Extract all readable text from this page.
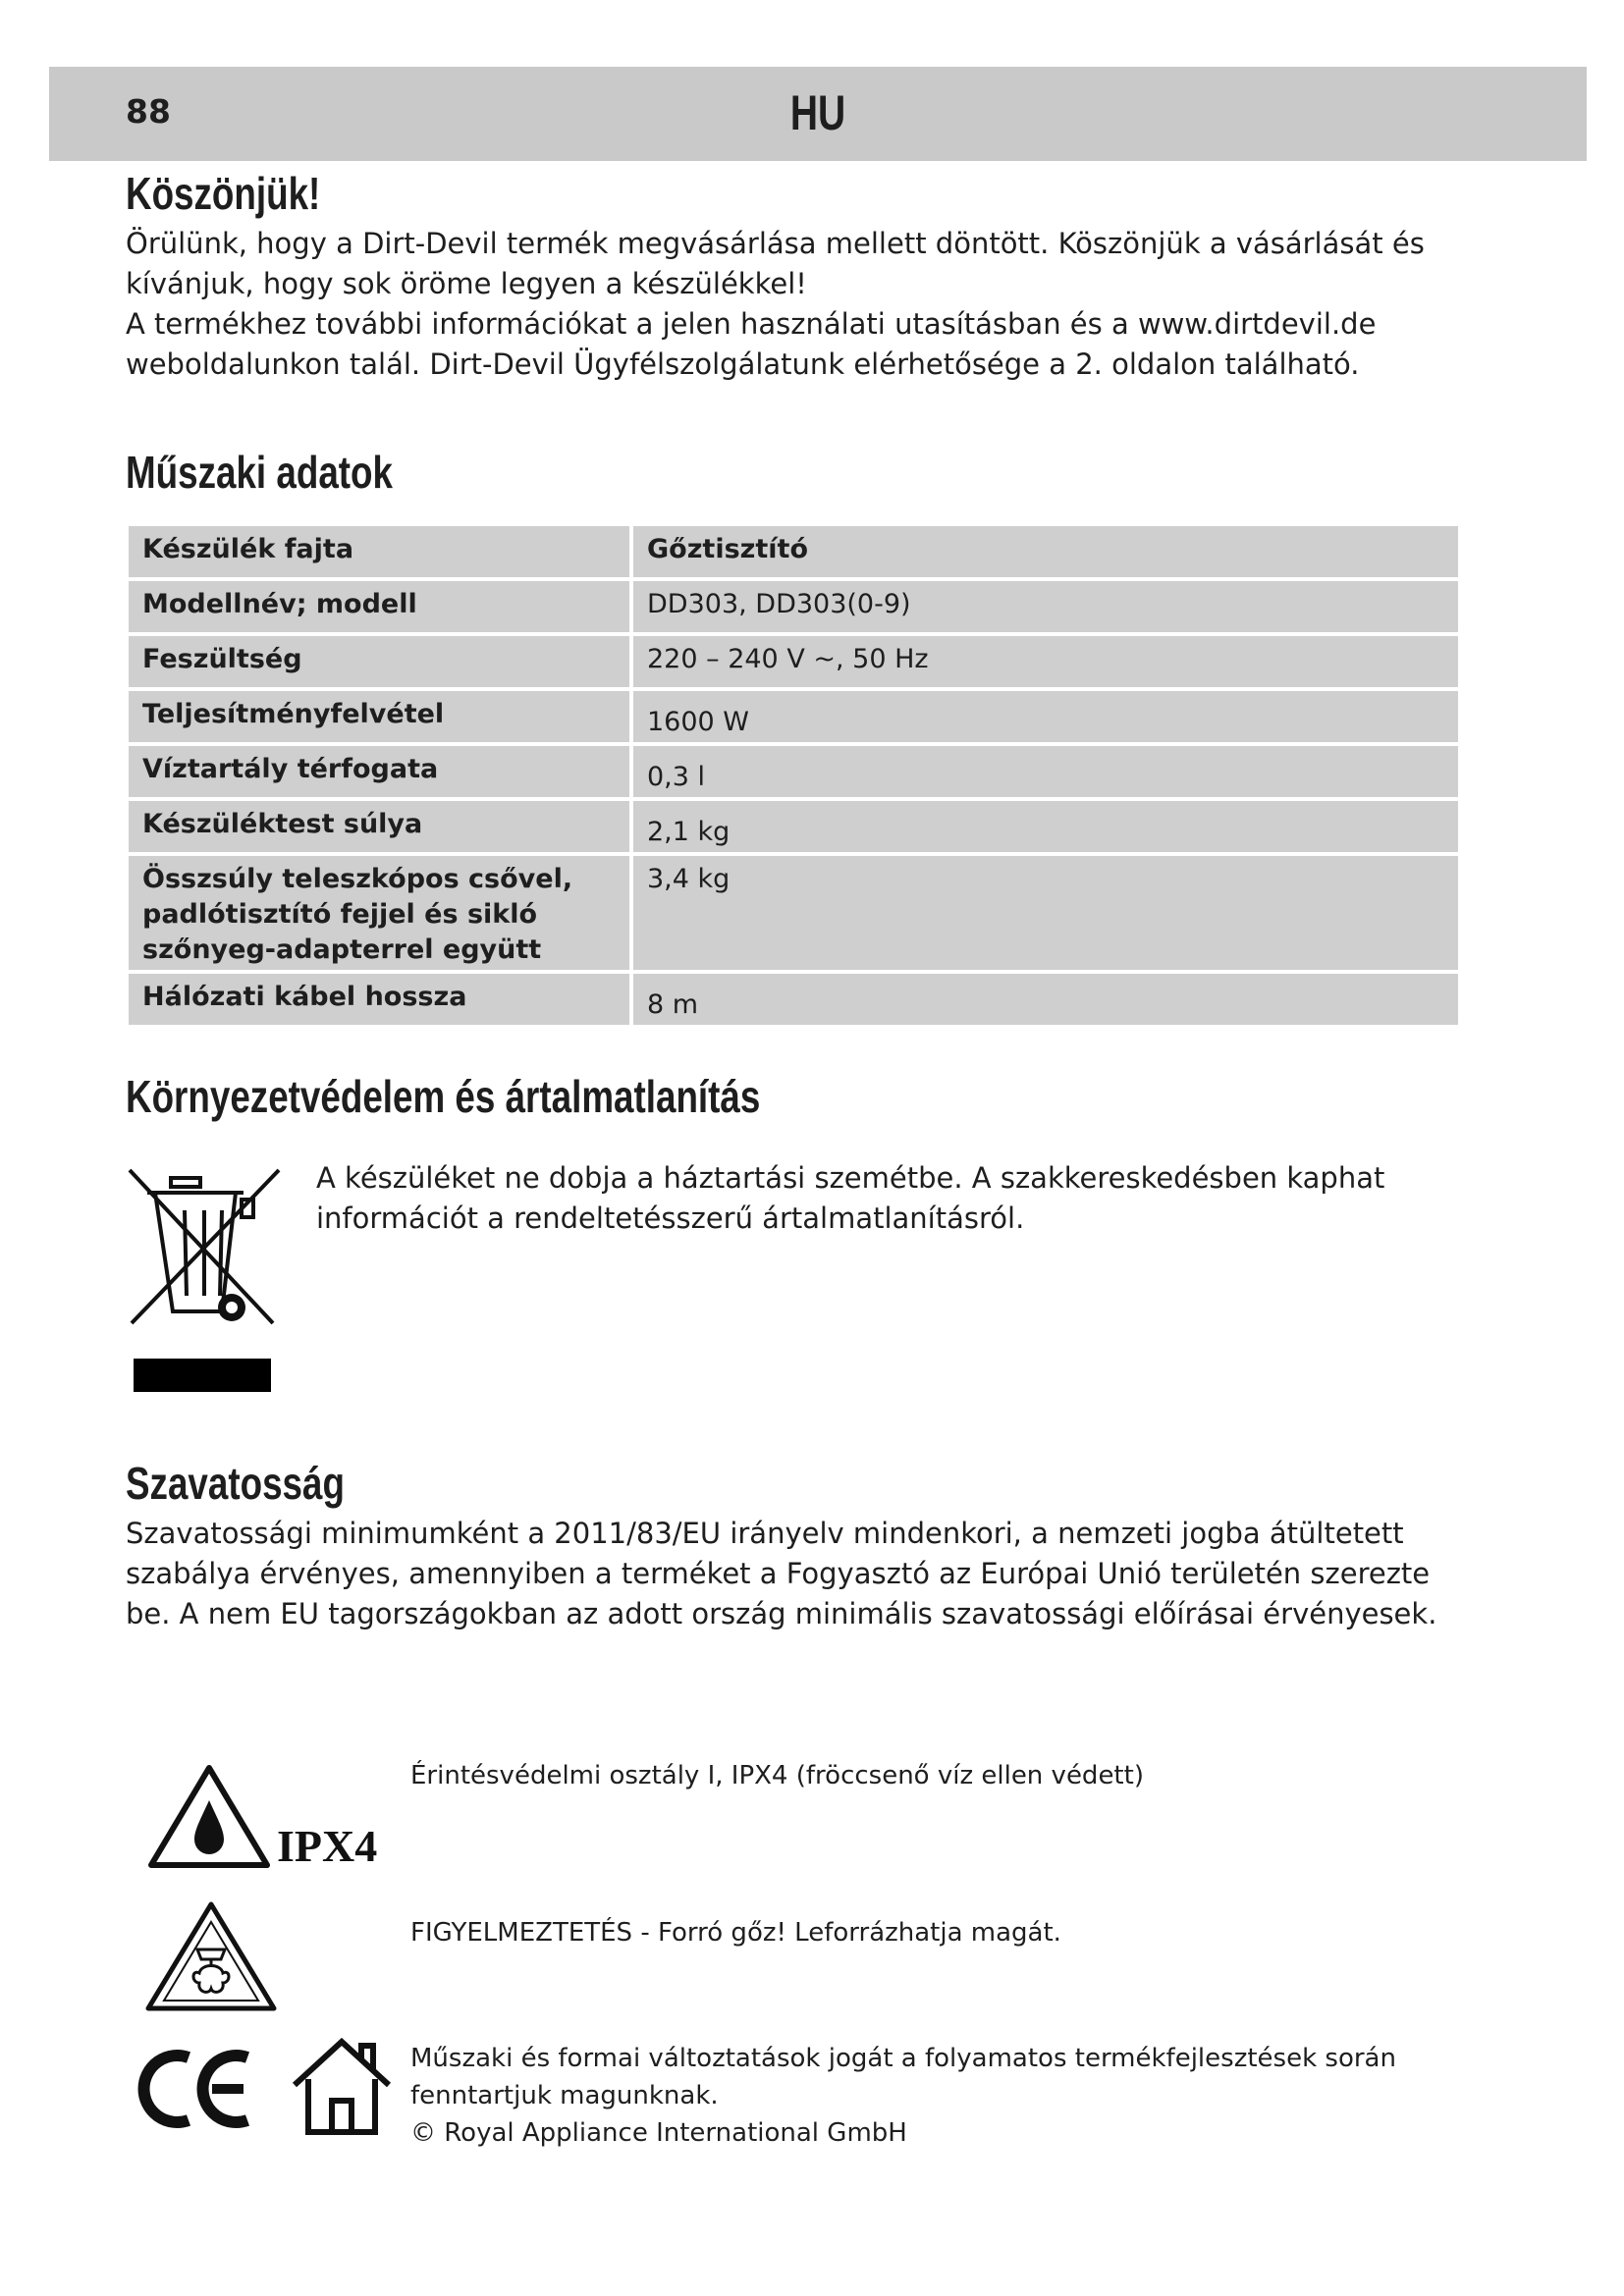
88	HU
Köszönjük!

Örülünk, hogy a Dirt-Devil termék megvásárlása mellett döntött. Köszönjük a vásárlását és kívánjuk, hogy sok öröme legyen a készülékkel!

A termékhez további információkat a jelen használati utasításban és a www.dirtdevil.de weboldalunkon talál. Dirt-Devil Ügyfélszolgálatunk elérhetősége a 2. oldalon található.

Műszaki adatok
Készülék fajta	Gőztisztító
Modellnév; modell	DD303, DD303(0-9)
Feszültség	220 – 240 V ~, 50 Hz
Teljesítményfelvétel	1600 W
Víztartály térfogata	0,3 l
Készüléktest súlya	2,1 kg
Összsúly teleszkópos csővel, padlótisztító fejjel és sikló szőnyeg-adapterrel együtt	3,4 kg
Hálózati kábel hossza	8 m
Környezetvédelem és ártalmatlanítás
A készüléket ne dobja a háztartási szemétbe. A szakkereskedésben kaphat információt a rendeltetésszerű ártalmatlanításról.
Szavatosság
Szavatossági minimumként a 2011/83/EU irányelv mindenkori, a nemzeti jogba átültetett szabálya érvényes, amennyiben a terméket a Fogyasztó az Európai Unió területén szerezte be. A nem EU tagországokban az adott ország minimális szavatossági előírásai érvényesek.
IPX4
Érintésvédelmi osztály I, IPX4 (fröccsenő víz ellen védett)
FIGYELMEZTETÉS - Forró gőz! Leforrázhatja magát.
Műszaki és formai változtatások jogát a folyamatos termékfejlesztések során fenntartjuk magunknak.
© Royal Appliance International GmbH
